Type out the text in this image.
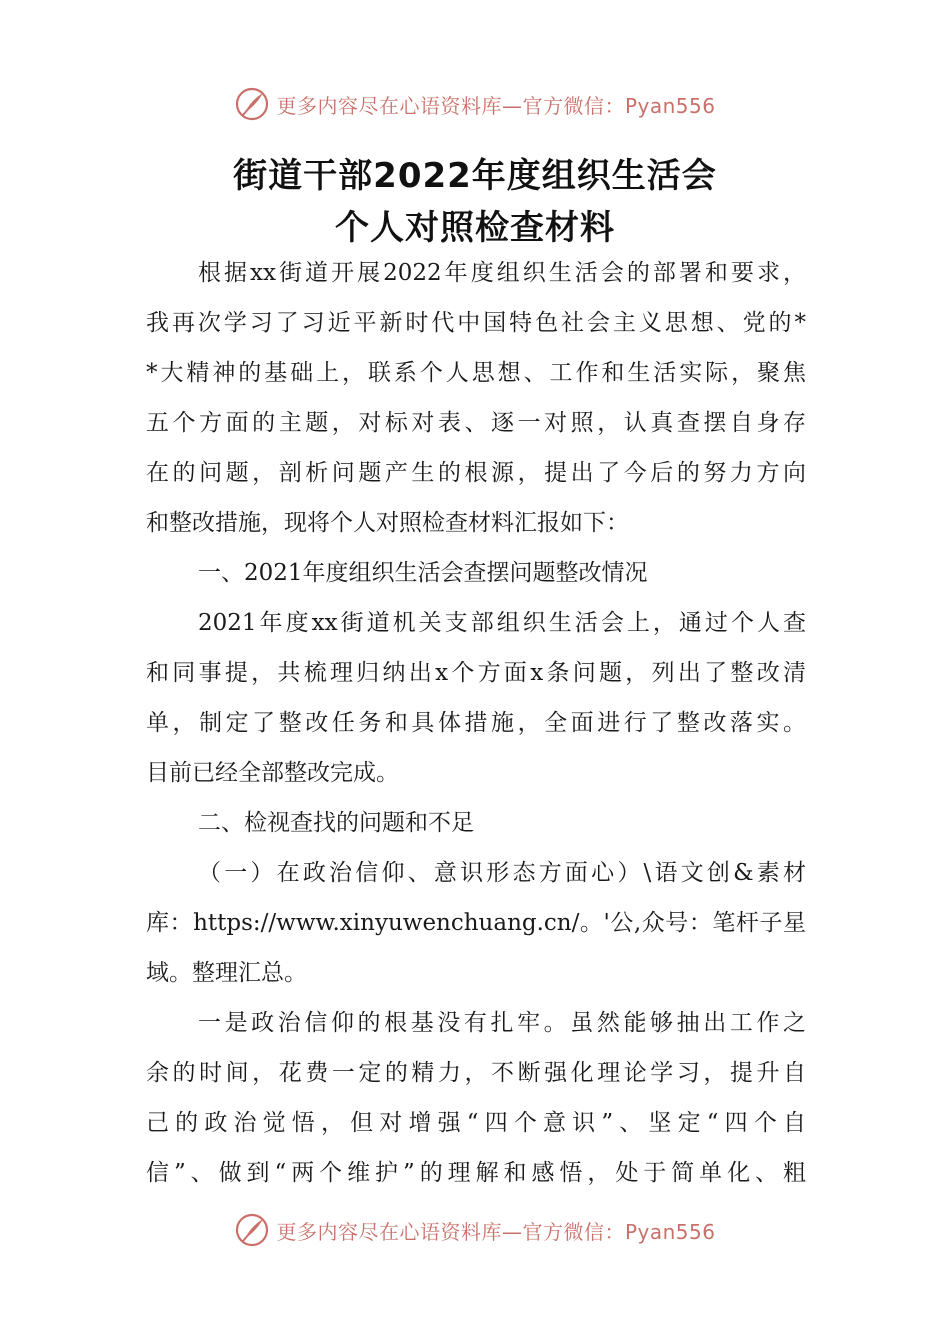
更多内容尽在心语资料库—官方微信：Pyan556
街道干部2022年度组织生活会
个人对照检查材料
根据xx街道开展2022年度组织生活会的部署和要求，
我再次学习了习近平新时代中国特色社会主义思想、党的*
*大精神的基础上，联系个人思想、工作和生活实际，聚焦
五个方面的主题，对标对表、逐一对照，认真查摆自身存
在的问题，剖析问题产生的根源，提出了今后的努力方向
和整改措施，现将个人对照检查材料汇报如下：
一、2021年度组织生活会查摆问题整改情况
2021年度xx街道机关支部组织生活会上，通过个人查
和同事提，共梳理归纳出x个方面x条问题，列出了整改清
单，制定了整改任务和具体措施，全面进行了整改落实。
目前已经全部整改完成。
二、检视查找的问题和不足
（一）在政治信仰、意识形态方面心）\语文创&素材
库：https://www.xinyuwenchuang.cn/。'公,众号：笔杆子星
域。整理汇总。
一是政治信仰的根基没有扎牢。虽然能够抽出工作之
余的时间，花费一定的精力，不断强化理论学习，提升自
己的政治觉悟，但对增强“四个意识”、坚定“四个自
信”、做到“两个维护”的理解和感悟，处于简单化、粗
更多内容尽在心语资料库—官方微信：Pyan556
